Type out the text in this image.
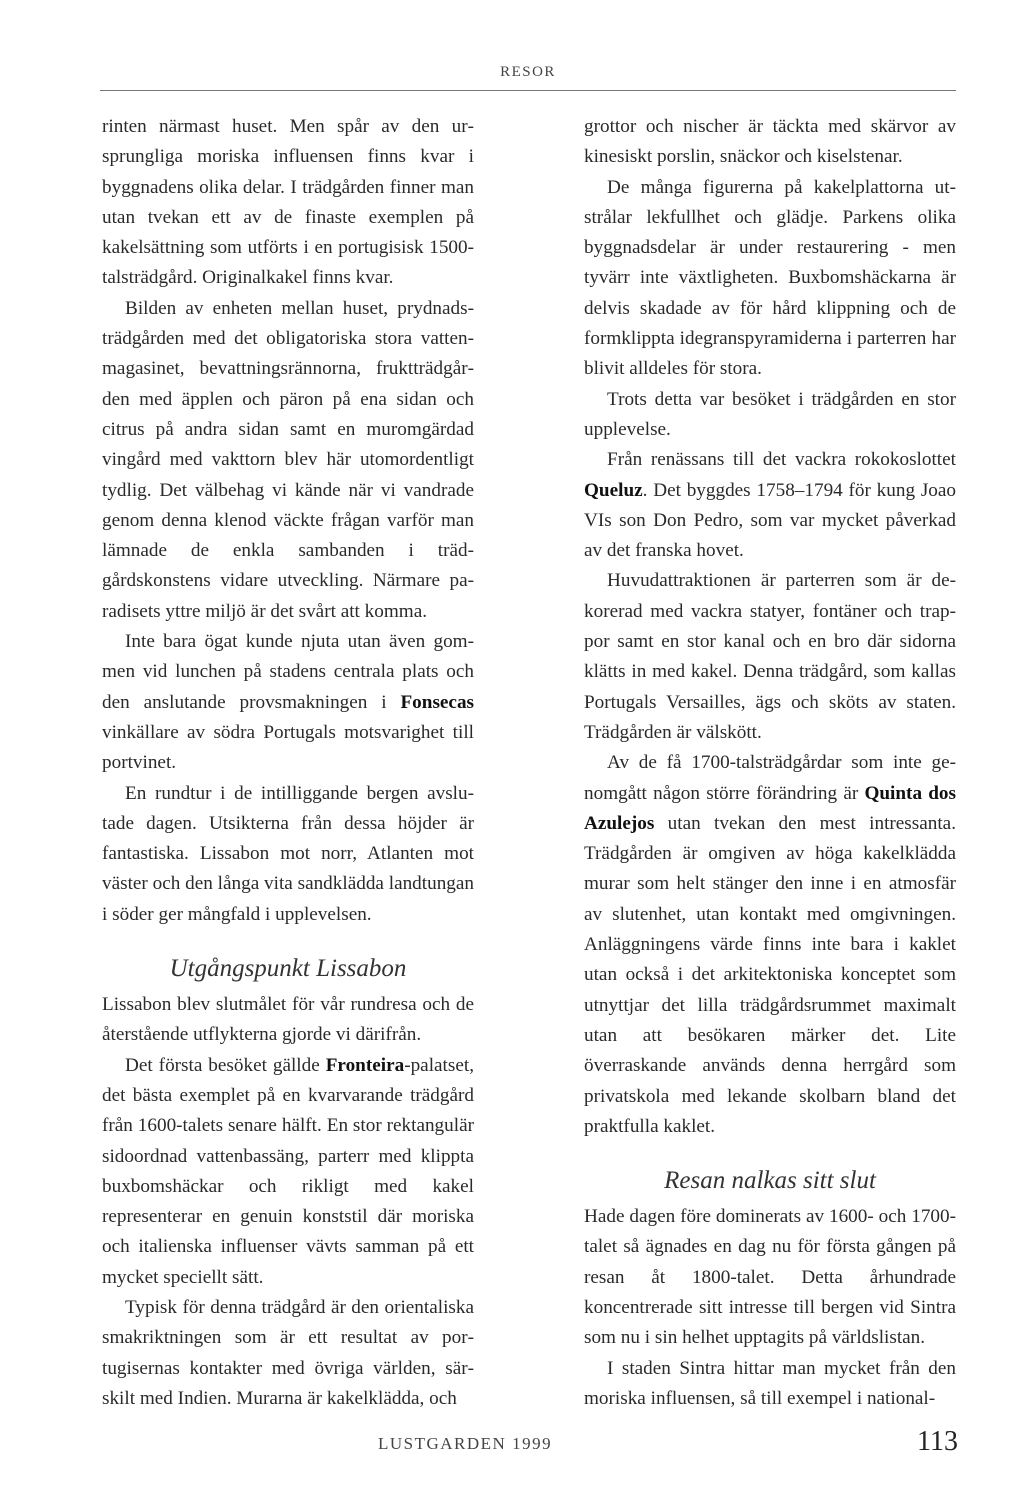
RESOR

rinten närmast huset. Men spår av den ursprungliga moriska influensen finns kvar i byggnadens olika delar. I trädgården finner man utan tvekan ett av de finaste exemplen på kakelsättning som utförts i en portugisisk 1500-talsträdgård. Originalkakel finns kvar.

Bilden av enheten mellan huset, prydnadsträdgården med det obligatoriska stora vattenmagasinet, bevattningsrännorna, fruktträdgården med äpplen och päron på ena sidan och citrus på andra sidan samt en muromgärdad vingård med vakttorn blev här utomordentligt tydlig. Det välbehag vi kände när vi vandrade genom denna klenod väckte frågan varför man lämnade de enkla sambanden i trädgårdskonstens vidare utveckling. Närmare paradisets yttre miljö är det svårt att komma.

Inte bara ögat kunde njuta utan även gommen vid lunchen på stadens centrala plats och den anslutande provsmakningen i Fonsecas vinkällare av södra Portugals motsvarighet till portvinet.

En rundtur i de intilliggande bergen avslutade dagen. Utsikterna från dessa höjder är fantastiska. Lissabon mot norr, Atlanten mot väster och den långa vita sandklädda landtungan i söder ger mångfald i upplevelsen.

Utgångspunkt Lissabon

Lissabon blev slutmålet för vår rundresa och de återstående utflykterna gjorde vi därifrån.

Det första besöket gällde Fronteira-palatset, det bästa exemplet på en kvarvarande trädgård från 1600-talets senare hälft. En stor rektangulär sidoordnad vattenbassäng, parterr med klippta buxbomshäckar och rikligt med kakel representerar en genuin konststil där moriska och italienska influenser vävts samman på ett mycket speciellt sätt.

Typisk för denna trädgård är den orientaliska smakriktningen som är ett resultat av portugisernas kontakter med övriga världen, särskilt med Indien. Murarna är kakelklädda, och

grottor och nischer är täckta med skärvor av kinesiskt porslin, snäckor och kiselstenar.

De många figurerna på kakelplattorna utstrålar lekfullhet och glädje. Parkens olika byggnadsdelar är under restaurering - men tyvärr inte växtligheten. Buxbomshäckarna är delvis skadade av för hård klippning och de formklippta idegranspyramiderna i parterren har blivit alldeles för stora.

Trots detta var besöket i trädgården en stor upplevelse.

Från renässans till det vackra rokokoslottet Queluz. Det byggdes 1758–1794 för kung Joao VIs son Don Pedro, som var mycket påverkad av det franska hovet.

Huvudattraktionen är parterren som är dekorerad med vackra statyer, fontäner och trappor samt en stor kanal och en bro där sidorna klätts in med kakel. Denna trädgård, som kallas Portugals Versailles, ägs och sköts av staten. Trädgården är välskött.

Av de få 1700-talsträdgårdar som inte genomgått någon större förändring är Quinta dos Azulejos utan tvekan den mest intressanta. Trädgården är omgiven av höga kakelklädda murar som helt stänger den inne i en atmosfär av slutenhet, utan kontakt med omgivningen. Anläggningens värde finns inte bara i kaklet utan också i det arkitektoniska konceptet som utnyttjar det lilla trädgårdsrummet maximalt utan att besökaren märker det. Lite överraskande används denna herrgård som privatskola med lekande skolbarn bland det praktfulla kaklet.

Resan nalkas sitt slut

Hade dagen före dominerats av 1600- och 1700-talet så ägnades en dag nu för första gången på resan åt 1800-talet. Detta århundrade koncentrerade sitt intresse till bergen vid Sintra som nu i sin helhet upptagits på världslistan.

I staden Sintra hittar man mycket från den moriska influensen, så till exempel i national-

LUSTGARDEN 1999	113
